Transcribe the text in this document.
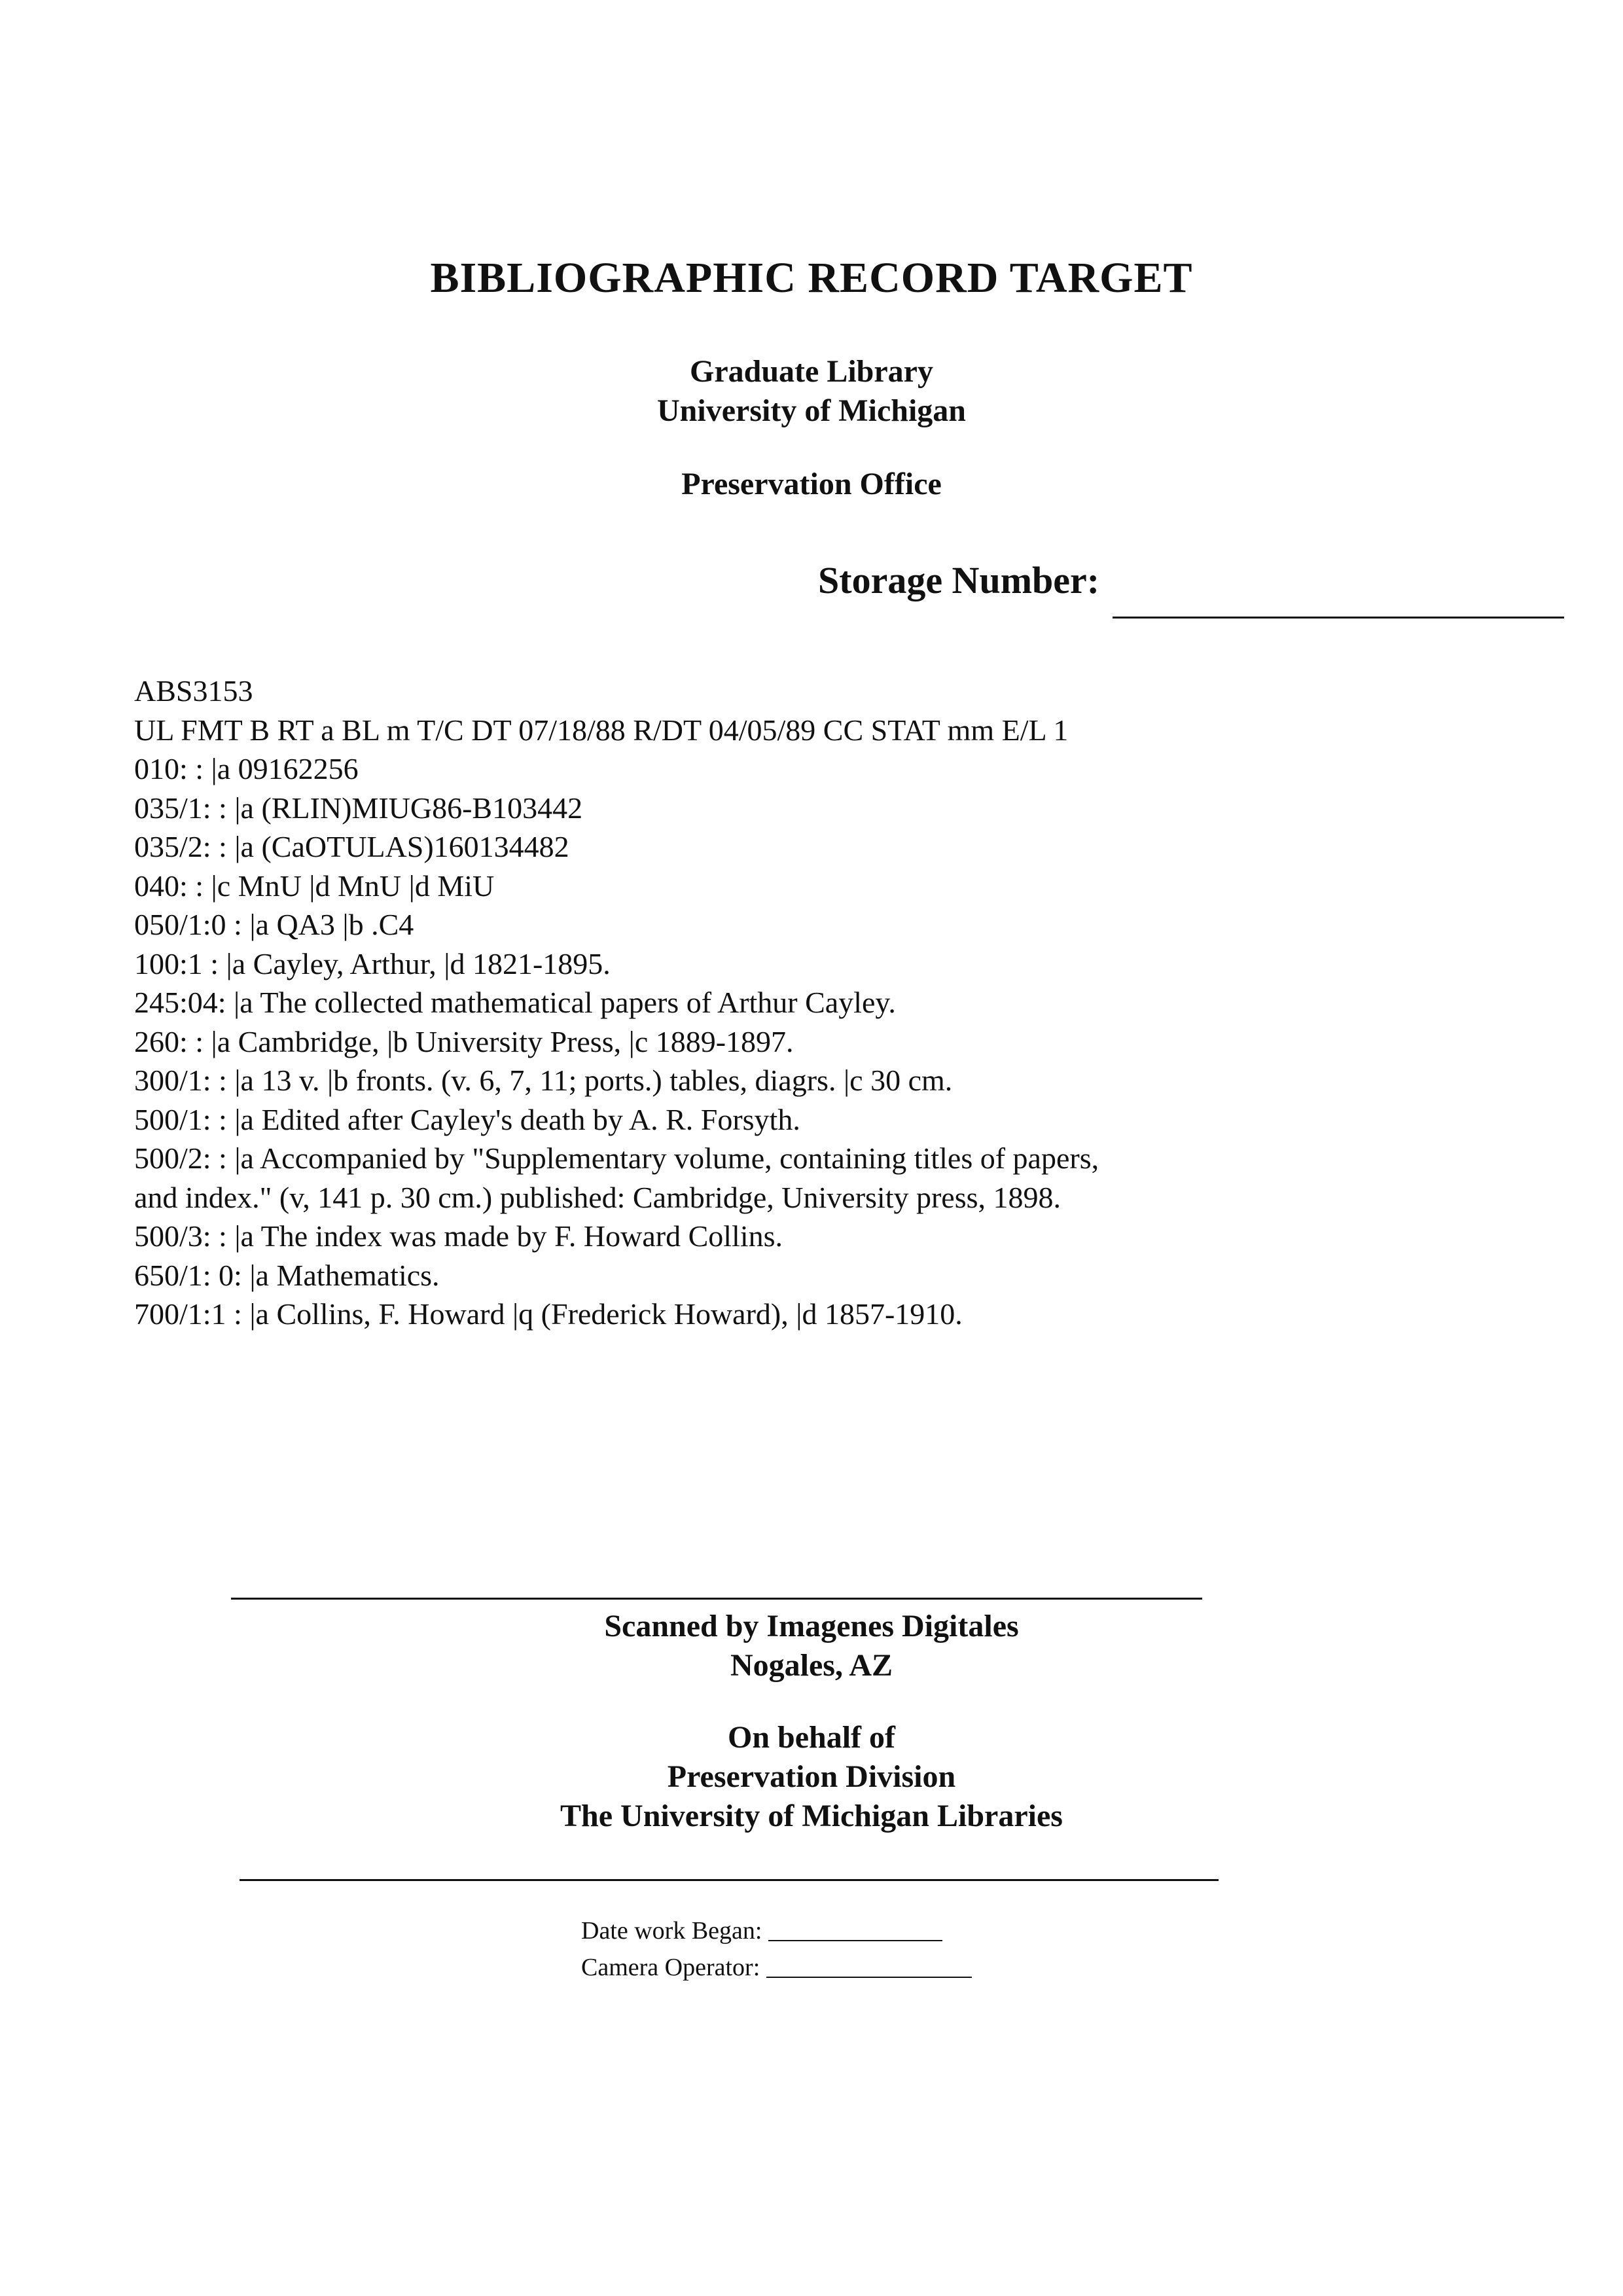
BIBLIOGRAPHIC RECORD TARGET
Graduate Library
University of Michigan
Preservation Office
Storage Number:
ABS3153
UL FMT B RT a BL m T/C DT 07/18/88 R/DT 04/05/89 CC STAT mm E/L 1
010: : |a 09162256
035/1: : |a (RLIN)MIUG86-B103442
035/2: : |a (CaOTULAS)160134482
040: : |c MnU |d MnU |d MiU
050/1:0 : |a QA3 |b .C4
100:1 : |a Cayley, Arthur, |d 1821-1895.
245:04: |a The collected mathematical papers of Arthur Cayley.
260: : |a Cambridge, |b University Press, |c 1889-1897.
300/1: : |a 13 v. |b fronts. (v. 6, 7, 11; ports.) tables, diagrs. |c 30 cm.
500/1: : |a Edited after Cayley's death by A. R. Forsyth.
500/2: : |a Accompanied by "Supplementary volume, containing titles of papers,
and index." (v, 141 p. 30 cm.) published: Cambridge, University press, 1898.
500/3: : |a The index was made by F. Howard Collins.
650/1: 0: |a Mathematics.
700/1:1 : |a Collins, F. Howard |q (Frederick Howard), |d 1857-1910.
Scanned by Imagenes Digitales
Nogales, AZ
On behalf of
Preservation Division
The University of Michigan Libraries
Date work Began:
Camera Operator:
